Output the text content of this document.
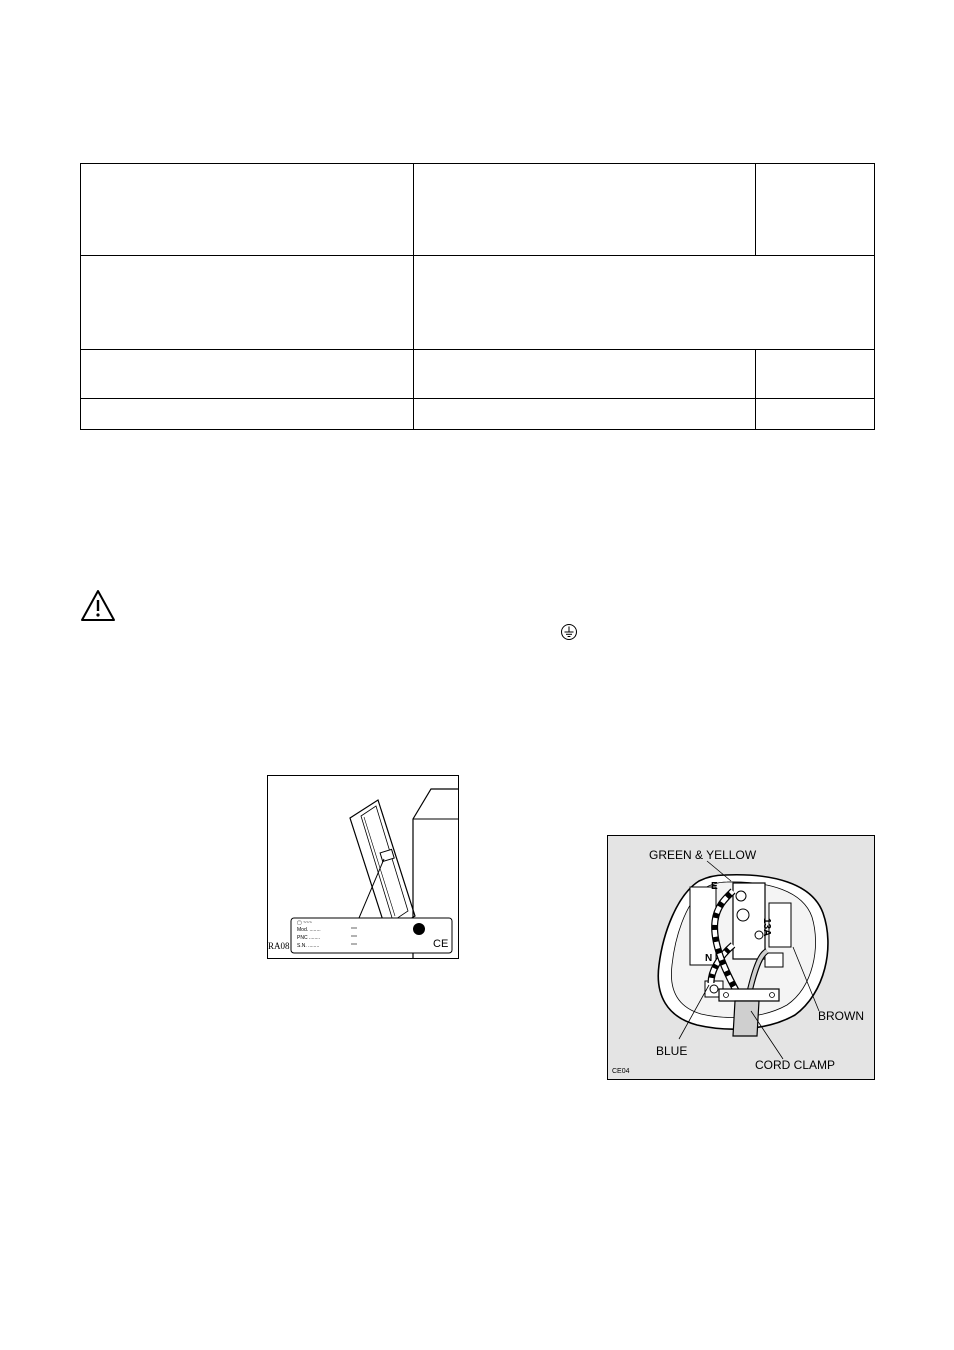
▢ ~~~
Mod. ........
PNC ........
S.N. ........	CE
RA08
GREEN & YELLOW
BROWN
BLUE
CORD CLAMP
E
N
13A
CE04
